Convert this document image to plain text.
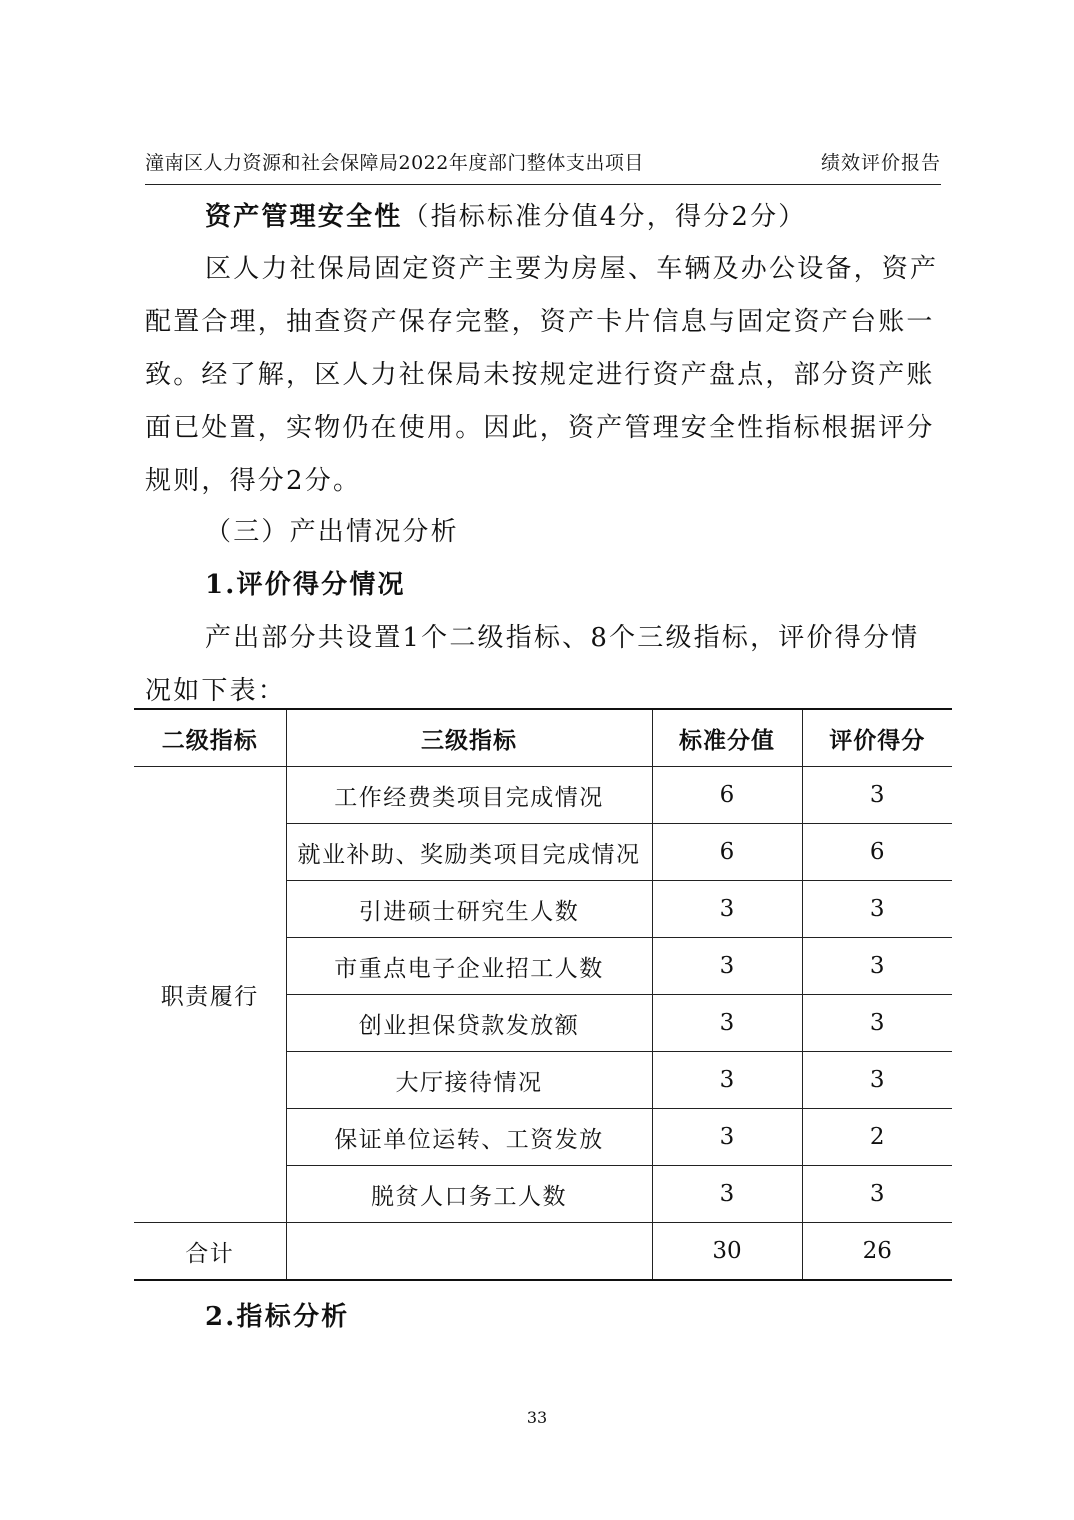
潼南区人力资源和社会保障局2022年度部门整体支出项目	绩效评价报告
资产管理安全性（指标标准分值4分，得分2分）
区人力社保局固定资产主要为房屋、车辆及办公设备，资产
配置合理，抽查资产保存完整，资产卡片信息与固定资产台账一
致。经了解，区人力社保局未按规定进行资产盘点，部分资产账
面已处置，实物仍在使用。因此，资产管理安全性指标根据评分
规则，得分2分。
（三）产出情况分析
1.评价得分情况
产出部分共设置1个二级指标、8个三级指标，评价得分情
况如下表：
二级指标	三级指标	标准分值	评价得分
职责履行	工作经费类项目完成情况	6	3
	就业补助、奖励类项目完成情况	6	6
	引进硕士研究生人数	3	3
	市重点电子企业招工人数	3	3
	创业担保贷款发放额	3	3
	大厅接待情况	3	3
	保证单位运转、工资发放	3	2
	脱贫人口务工人数	3	3
合计		30	26
2.指标分析
33
